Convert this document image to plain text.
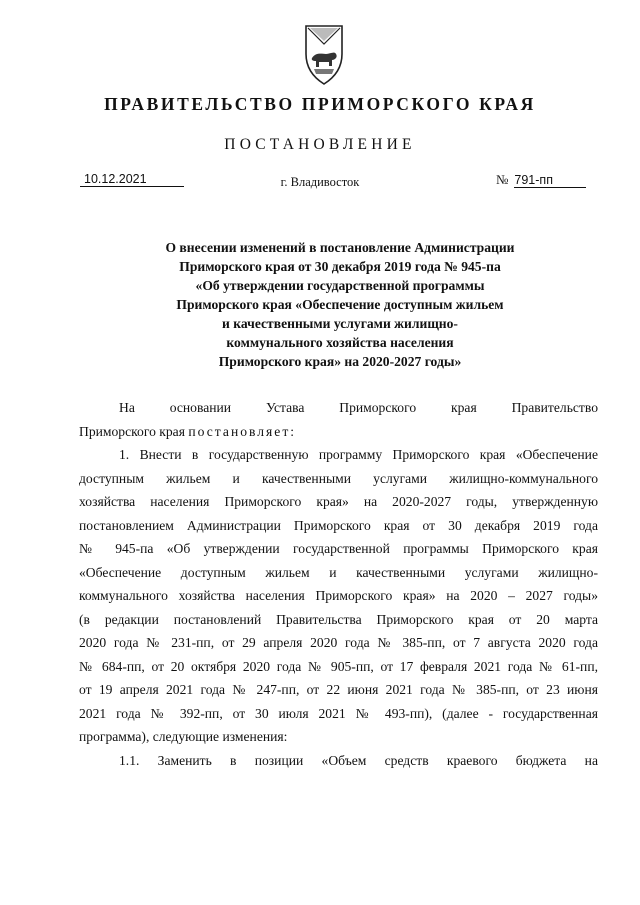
ПРАВИТЕЛЬСТВО ПРИМОРСКОГО КРАЯ
ПОСТАНОВЛЕНИЕ
10.12.2021	г. Владивосток	№ 791-пп
О внесении изменений в постановление Администрации
Приморского края от 30 декабря 2019 года № 945-па
«Об утверждении государственной программы
Приморского края «Обеспечение доступным жильем
и качественными услугами жилищно-
коммунального хозяйства населения
Приморского края» на 2020-2027 годы»
На основании Устава Приморского края Правительство
Приморского края постановляет:
1. Внести в государственную программу Приморского края «Обеспечение
доступным жильем и качественными услугами жилищно-коммунального
хозяйства населения Приморского края» на 2020-2027 годы, утвержденную
постановлением Администрации Приморского края от 30 декабря 2019 года
№ 945-па «Об утверждении государственной программы Приморского края
«Обеспечение доступным жильем и качественными услугами жилищно-
коммунального хозяйства населения Приморского края» на 2020 – 2027 годы»
(в редакции постановлений Правительства Приморского края от 20 марта
2020 года № 231-пп, от 29 апреля 2020 года № 385-пп, от 7 августа 2020 года
№ 684-пп, от 20 октября 2020 года № 905-пп, от 17 февраля 2021 года № 61-пп,
от 19 апреля 2021 года № 247-пп, от 22 июня 2021 года № 385-пп, от 23 июня
2021 года № 392-пп, от 30 июля 2021 № 493-пп), (далее - государственная
программа), следующие изменения:
1.1. Заменить в позиции «Объем средств краевого бюджета на
